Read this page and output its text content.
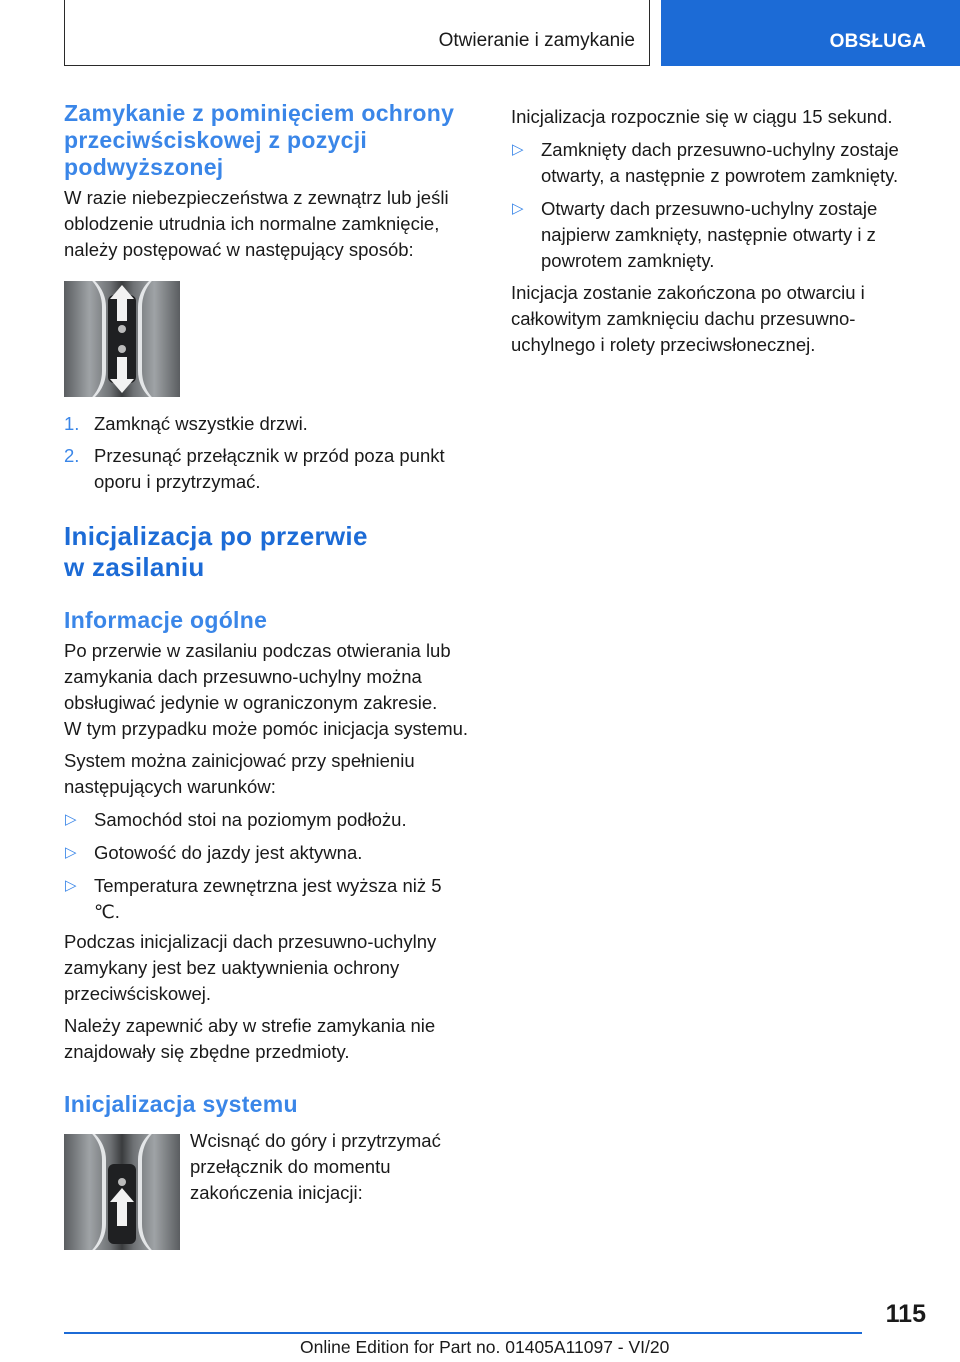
Otwieranie i zamykanie	OBSŁUGA
Zamykanie z pominięciem ochrony przeciwściskowej z pozycji podwyższonej

W razie niebezpieczeństwa z zewnątrz lub jeśli oblodzenie utrudnia ich normalne zamknięcie, należy postępować w następujący sposób:

1. Zamknąć wszystkie drzwi.
2. Przesunąć przełącznik w przód poza punkt oporu i przytrzymać.
Inicjalizacja po przerwie w zasilaniu
Informacje ogólne

Po przerwie w zasilaniu podczas otwierania lub zamykania dach przesuwno-uchylny można obsługiwać jedynie w ograniczonym zakresie.

W tym przypadku może pomóc inicjacja systemu.

System można zainicjować przy spełnieniu następujących warunków:

▷ Samochód stoi na poziomym podłożu.
▷ Gotowość do jazdy jest aktywna.
▷ Temperatura zewnętrzna jest wyższa niż 5 ℃.

Podczas inicjalizacji dach przesuwno-uchylny zamykany jest bez uaktywnienia ochrony przeciwściskowej.

Należy zapewnić aby w strefie zamykania nie znajdowały się zbędne przedmioty.

Inicjalizacja systemu

Wcisnąć do góry i przytrzymać przełącznik do momentu zakończenia inicjacji:

Inicjalizacja rozpocznie się w ciągu 15 sekund.

▷ Zamknięty dach przesuwno-uchylny zostaje otwarty, a następnie z powrotem zamknięty.
▷ Otwarty dach przesuwno-uchylny zostaje najpierw zamknięty, następnie otwarty i z powrotem zamknięty.

Inicjacja zostanie zakończona po otwarciu i całkowitym zamknięciu dachu przesuwno-uchylnego i rolety przeciwsłonecznej.

115
Online Edition for Part no. 01405A11097 - VI/20
